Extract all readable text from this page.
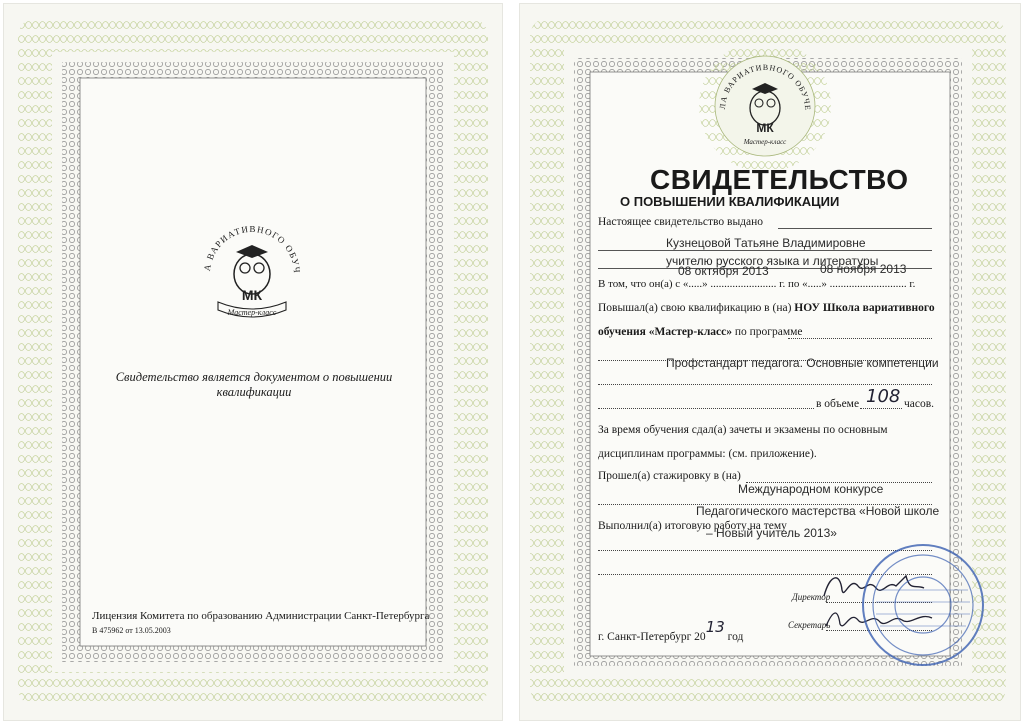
А ВАРИАТИВНОГО ОБУЧ
МК
Мастер-класс
Свидетельство является документом о повышении квалификации
Лицензия Комитета по образованию Администрации Санкт-Петербурга
В 475962 от 13.05.2003
ЛА ВАРИАТИВНОГО ОБУЧЕ
МК
Мастер-класс
СВИДЕТЕЛЬСТВО
О ПОВЫШЕНИИ КВАЛИФИКАЦИИ
Настоящее свидетельство выдано
Кузнецовой Татьяне Владимировне
учителю русского языка и литературы
08 октября 2013	08 ноября 2013
В том, что он(а) с «.....» ........................ г. по «.....» ............................ г.
Повышал(а) свою квалификацию в (на) НОУ Школа вариативного
обучения «Мастер-класс» по программе
Профстандарт педагога. Основные компетенции
в объеме 108 часов.
За время обучения сдал(а) зачеты и экзамены по основным
дисциплинам программы: (см. приложение).
Прошел(а) стажировку в (на)
Международном конкурсе
Педагогического мастерства «Новой школе
Выполнил(а) итоговую работу на тему
– Новый учитель 2013»
Директор
Секретарь
г. Санкт-Петербург 2013 год
